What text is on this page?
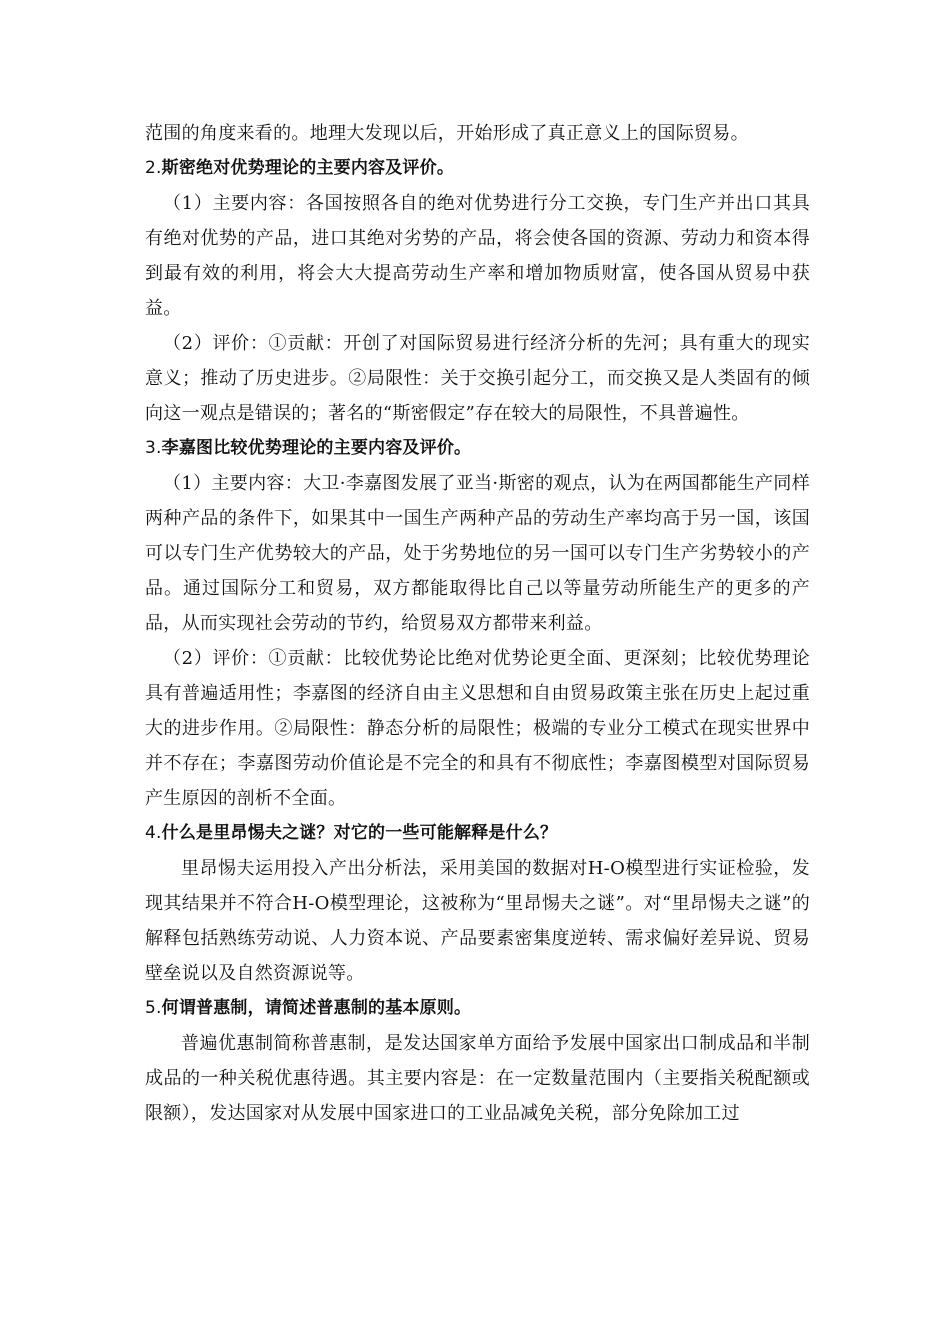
范围的角度来看的。地理大发现以后，开始形成了真正意义上的国际贸易。

2.斯密绝对优势理论的主要内容及评价。

（1）主要内容：各国按照各自的绝对优势进行分工交换，专门生产并出口其具有绝对优势的产品，进口其绝对劣势的产品，将会使各国的资源、劳动力和资本得到最有效的利用，将会大大提高劳动生产率和增加物质财富，使各国从贸易中获益。

（2）评价：①贡献：开创了对国际贸易进行经济分析的先河；具有重大的现实意义；推动了历史进步。②局限性：关于交换引起分工，而交换又是人类固有的倾向这一观点是错误的；著名的“斯密假定”存在较大的局限性，不具普遍性。

3.李嘉图比较优势理论的主要内容及评价。

（1）主要内容：大卫·李嘉图发展了亚当·斯密的观点，认为在两国都能生产同样两种产品的条件下，如果其中一国生产两种产品的劳动生产率均高于另一国，该国可以专门生产优势较大的产品，处于劣势地位的另一国可以专门生产劣势较小的产品。通过国际分工和贸易，双方都能取得比自己以等量劳动所能生产的更多的产品，从而实现社会劳动的节约，给贸易双方都带来利益。

（2）评价：①贡献：比较优势论比绝对优势论更全面、更深刻；比较优势理论具有普遍适用性；李嘉图的经济自由主义思想和自由贸易政策主张在历史上起过重大的进步作用。②局限性：静态分析的局限性；极端的专业分工模式在现实世界中并不存在；李嘉图劳动价值论是不完全的和具有不彻底性；李嘉图模型对国际贸易产生原因的剖析不全面。

4.什么是里昂惕夫之谜？对它的一些可能解释是什么？

里昂惕夫运用投入产出分析法，采用美国的数据对H-O模型进行实证检验，发现其结果并不符合H-O模型理论，这被称为“里昂惕夫之谜”。对“里昂惕夫之谜”的解释包括熟练劳动说、人力资本说、产品要素密集度逆转、需求偏好差异说、贸易壁垒说以及自然资源说等。

5.何谓普惠制，请简述普惠制的基本原则。

普遍优惠制简称普惠制，是发达国家单方面给予发展中国家出口制成品和半制成品的一种关税优惠待遇。其主要内容是：在一定数量范围内（主要指关税配额或限额），发达国家对从发展中国家进口的工业品减免关税，部分免除加工过
